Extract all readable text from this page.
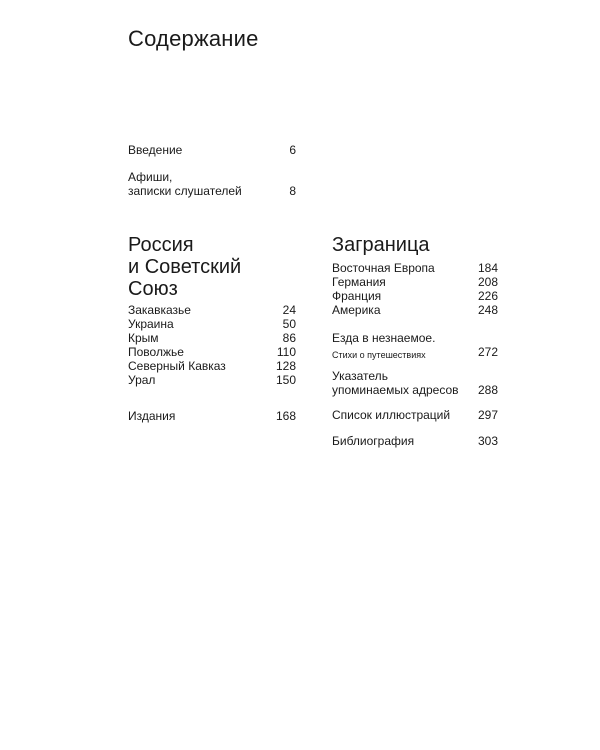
Содержание
Введение	6
Афиши,
записки слушателей	8
Россия
и Советский
Союз
Закавказье	24
Украина	50
Крым	86
Поволжье	110
Северный Кавказ	128
Урал	150
Издания	168
Заграница
Восточная Европа	184
Германия	208
Франция	226
Америка	248
Езда в незнаемое.
Стихи о путешествиях	272
Указатель
упоминаемых адресов 288
Список иллюстраций 297
Библиография	303
